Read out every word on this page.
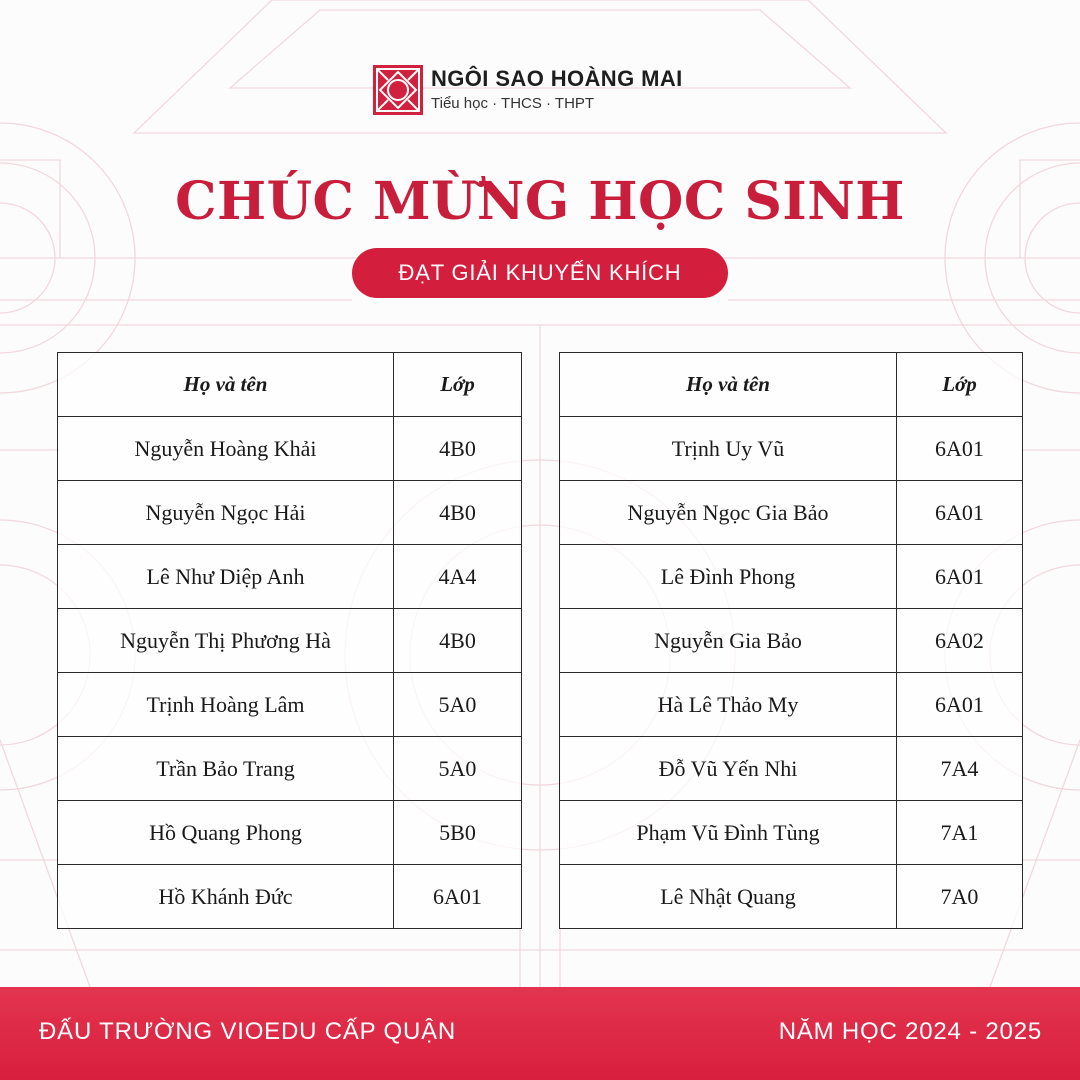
NGÔI SAO HOÀNG MAI
Tiểu học · THCS · THPT
CHÚC MỪNG HỌC SINH
ĐẠT GIẢI KHUYẾN KHÍCH
Họ và tên	Lớp
Nguyễn Hoàng Khải	4B0
Nguyễn Ngọc Hải	4B0
Lê Như Diệp Anh	4A4
Nguyễn Thị Phương Hà	4B0
Trịnh Hoàng Lâm	5A0
Trần Bảo Trang	5A0
Hồ Quang Phong	5B0
Hồ Khánh Đức	6A01
Họ và tên	Lớp
Trịnh Uy Vũ	6A01
Nguyễn Ngọc Gia Bảo	6A01
Lê Đình Phong	6A01
Nguyễn Gia Bảo	6A02
Hà Lê Thảo My	6A01
Đỗ Vũ Yến Nhi	7A4
Phạm Vũ Đình Tùng	7A1
Lê Nhật Quang	7A0
ĐẤU TRƯỜNG VIOEDU CẤP QUẬN	NĂM HỌC 2024 - 2025
